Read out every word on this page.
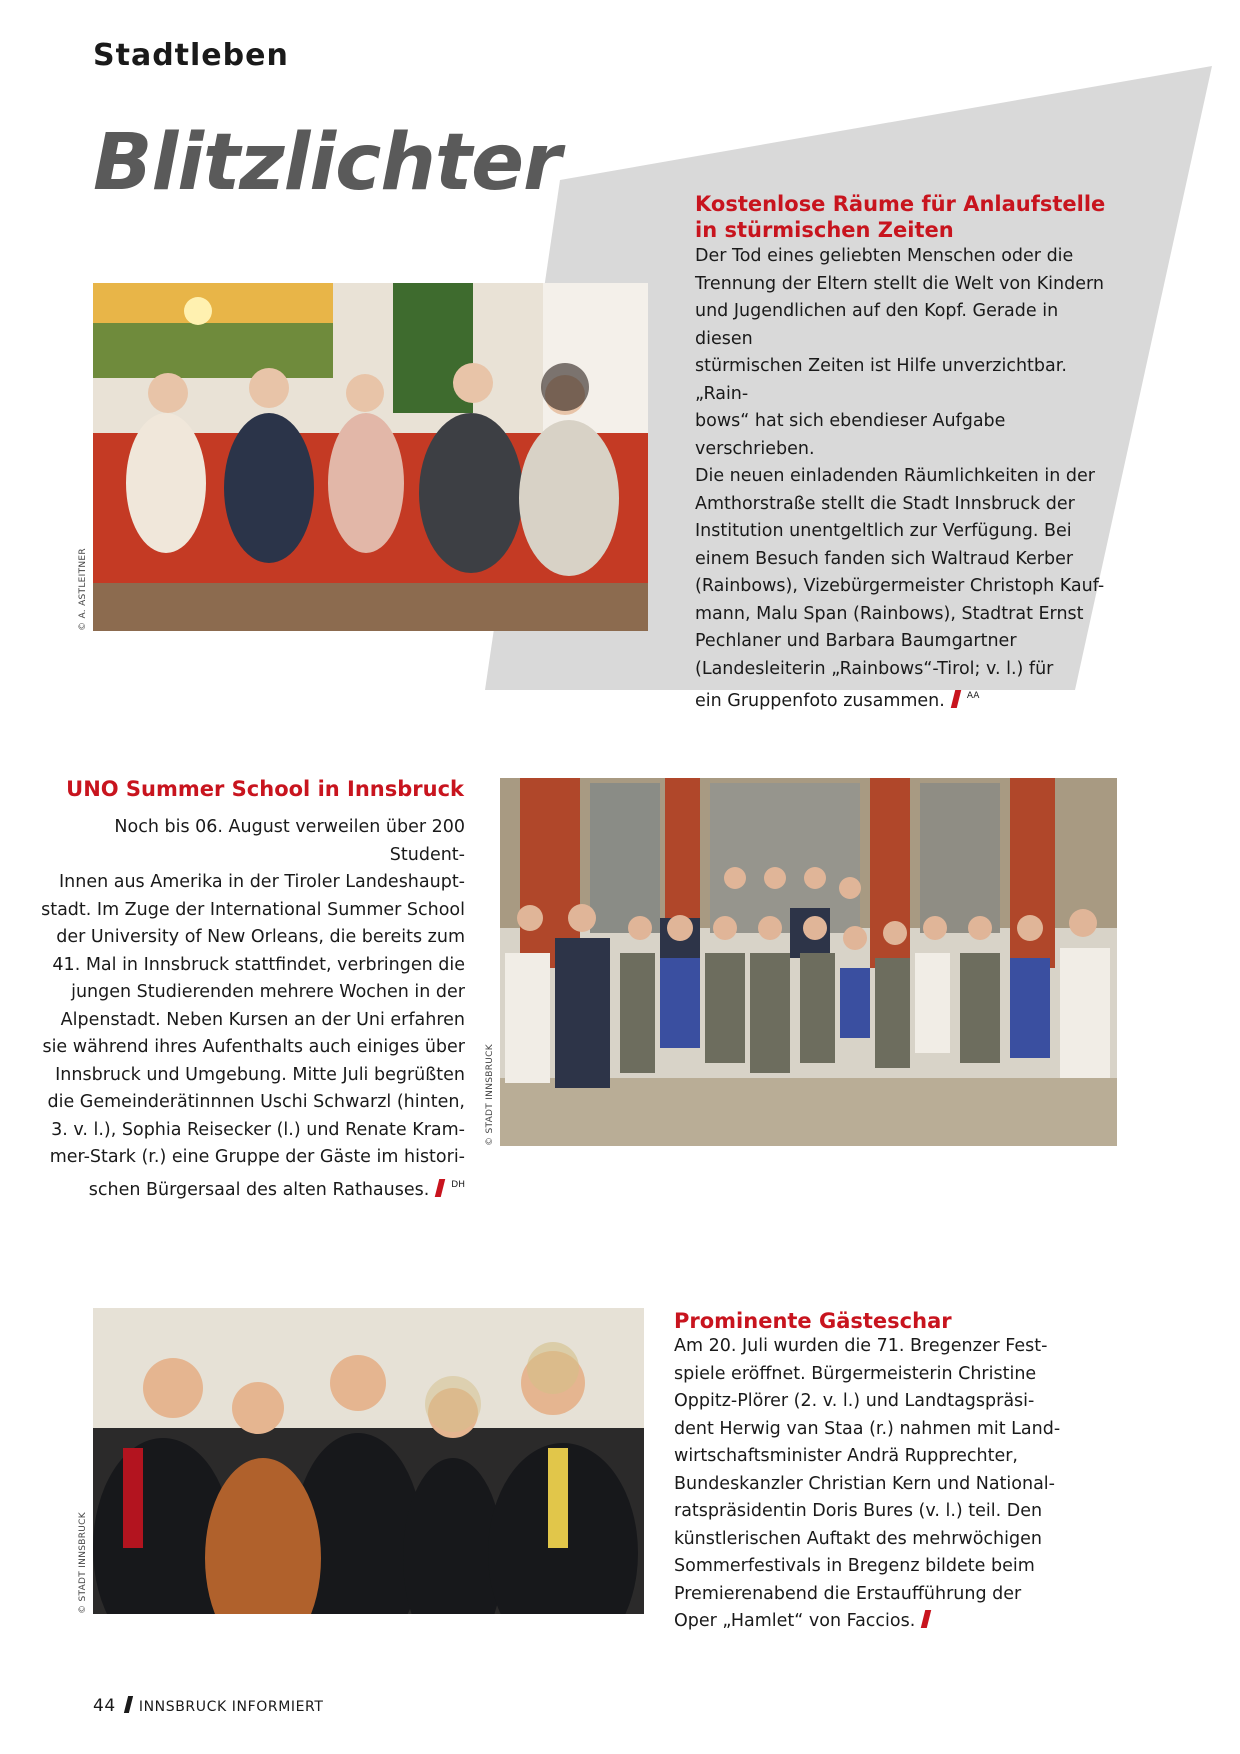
Stadtleben
Blitzlichter
© A. ASTLEITNER
Kostenlose Räume für Anlaufstelle
in stürmischen Zeiten

Der Tod eines geliebten Menschen oder die

Trennung der Eltern stellt die Welt von Kindern

und Jugendlichen auf den Kopf. Gerade in diesen

stürmischen Zeiten ist Hilfe unverzichtbar. „Rain-

bows“ hat sich ebendieser Aufgabe verschrieben.

Die neuen einladenden Räumlichkeiten in der

Amthorstraße stellt die Stadt Innsbruck der

Institution unentgeltlich zur Verfügung. Bei

einem Besuch fanden sich Waltraud Kerber

(Rainbows), Vizebürgermeister Christoph Kauf-

mann, Malu Span (Rainbows), Stadtrat Ernst

Pechlaner und Barbara Baumgartner

(Landesleiterin „Rainbows“-Tirol; v. l.) für

ein Gruppenfoto zusammen. $^{AA}$

UNO Summer School in Innsbruck

Noch bis 06. August verweilen über 200 Student-

Innen aus Amerika in der Tiroler Landeshaupt-

stadt. Im Zuge der International Summer School

der University of New Orleans, die bereits zum

41. Mal in Innsbruck stattfindet, verbringen die

jungen Studierenden mehrere Wochen in der

Alpenstadt. Neben Kursen an der Uni erfahren

sie während ihres Aufenthalts auch einiges über

Innsbruck und Umgebung. Mitte Juli begrüßten

die Gemeinderätinnnen Uschi Schwarzl (hinten,

3. v. l.), Sophia Reisecker (l.) und Renate Kram-

mer-Stark (r.) eine Gruppe der Gäste im histori-

schen Bürgersaal des alten Rathauses. $^{DH}$

© STADT INNSBRUCK
© STADT INNSBRUCK
Prominente Gästeschar

Am 20. Juli wurden die 71. Bregenzer Fest-

spiele eröffnet. Bürgermeisterin Christine

Oppitz-Plörer (2. v. l.) und Landtagspräsi-

dent Herwig van Staa (r.) nahmen mit Land-

wirtschaftsminister Andrä Rupprechter,

Bundeskanzler Christian Kern und National-

ratspräsidentin Doris Bures (v. l.) teil. Den

künstlerischen Auftakt des mehrwöchigen

Sommerfestivals in Bregenz bildete beim

Premierenabend die Erstaufführung der

Oper „Hamlet“ von Faccios.

44 INNSBRUCK INFORMIERT
